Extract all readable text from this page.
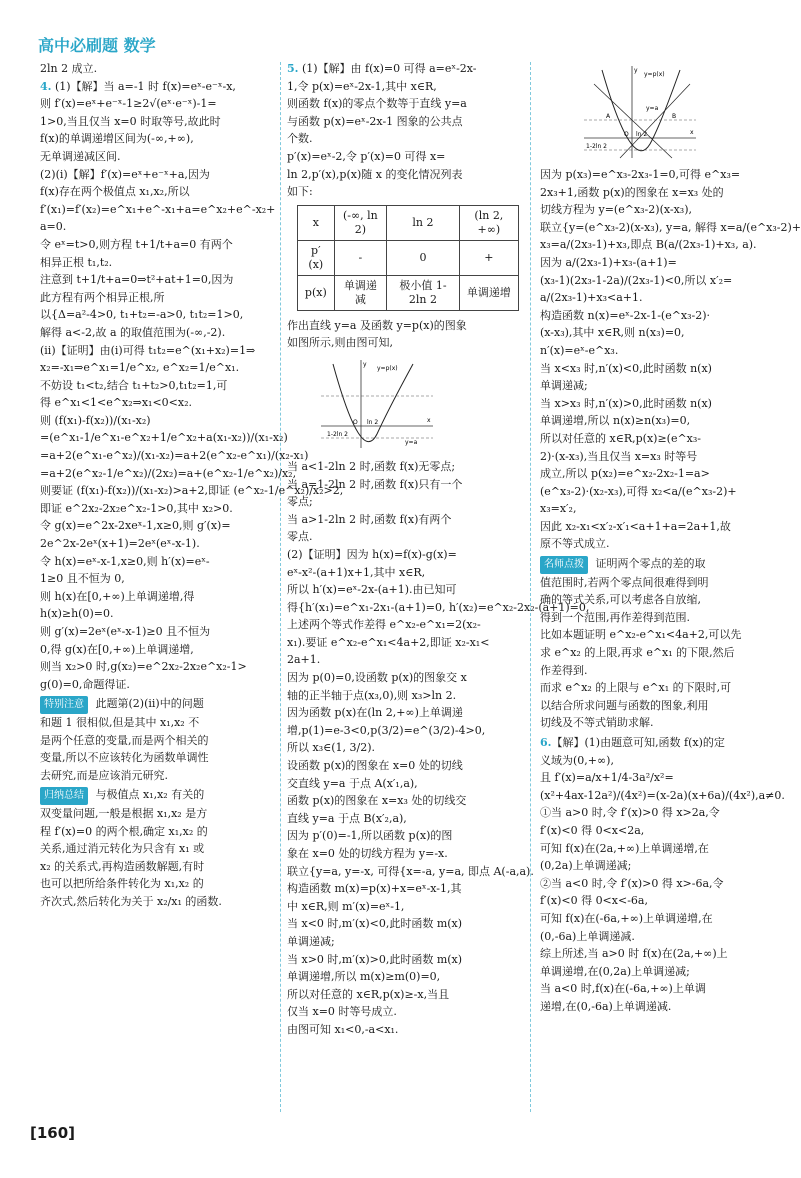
高中必刷题 数学
2ln 2 成立.
4. (1)【解】当 a=-1 时 f(x)=eˣ-e⁻ˣ-x,
则 f′(x)=eˣ+e⁻ˣ-1≥2√(eˣ·e⁻ˣ)-1=
1>0,当且仅当 x=0 时取等号,故此时
f(x)的单调递增区间为(-∞,+∞),
无单调递减区间.
(2)(i)【解】f′(x)=eˣ+e⁻ˣ+a,因为
f(x)存在两个极值点 x₁,x₂,所以
f′(x₁)=f′(x₂)=e^x₁+e^-x₁+a=e^x₂+e^-x₂+
a=0.
令 eˣ=t>0,则方程 t+1/t+a=0 有两个
相异正根 t₁,t₂.
注意到 t+1/t+a=0⇒t²+at+1=0,因为
此方程有两个相异正根,所
以{Δ=a²-4>0, t₁+t₂=-a>0, t₁t₂=1>0,
解得 a<-2,故 a 的取值范围为(-∞,-2).
(ii)【证明】由(i)可得 t₁t₂=e^(x₁+x₂)=1⇒
x₂=-x₁⇒e^x₁=1/e^x₂, e^x₂=1/e^x₁.
不妨设 t₁<t₂,结合 t₁+t₂>0,t₁t₂=1,可
得 e^x₁<1<e^x₂⇒x₁<0<x₂.
则 (f(x₁)-f(x₂))/(x₁-x₂)
=(e^x₁-1/e^x₁-e^x₂+1/e^x₂+a(x₁-x₂))/(x₁-x₂)
=a+2(e^x₁-e^x₂)/(x₁-x₂)=a+2(e^x₂-e^x₁)/(x₂-x₁)
=a+2(e^x₂-1/e^x₂)/(2x₂)=a+(e^x₂-1/e^x₂)/x₂,
则要证 (f(x₁)-f(x₂))/(x₁-x₂)>a+2,即证 (e^x₂-1/e^x₂)/x₂>2,
即证 e^2x₂-2x₂e^x₂-1>0,其中 x₂>0.
令 g(x)=e^2x-2xeˣ-1,x≥0,则 g′(x)=
2e^2x-2eˣ(x+1)=2eˣ(eˣ-x-1).
令 h(x)=eˣ-x-1,x≥0,则 h′(x)=eˣ-
1≥0 且不恒为 0,
则 h(x)在[0,+∞)上单调递增,得
h(x)≥h(0)=0.
则 g′(x)=2eˣ(eˣ-x-1)≥0 且不恒为
0,得 g(x)在[0,+∞)上单调递增,
则当 x₂>0 时,g(x₂)=e^2x₂-2x₂e^x₂-1>
g(0)=0,命题得证.
特别注意 此题第(2)(ii)中的问题
和题 1 很相似,但是其中 x₁,x₂ 不
是两个任意的变量,而是两个相关的
变量,所以不应该转化为函数单调性
去研究,而是应该消元研究.
归纳总结 与极值点 x₁,x₂ 有关的
双变量问题,一般是根据 x₁,x₂ 是方
程 f′(x)=0 的两个根,确定 x₁,x₂ 的
关系,通过消元转化为只含有 x₁ 或
x₂ 的关系式,再构造函数解题,有时
也可以把所给条件转化为 x₁,x₂ 的
齐次式,然后转化为关于 x₂/x₁ 的函数.
5. (1)【解】由 f(x)=0 可得 a=eˣ-2x-
1,令 p(x)=eˣ-2x-1,其中 x∈R,
则函数 f(x)的零点个数等于直线 y=a
与函数 p(x)=eˣ-2x-1 图象的公共点
个数.
p′(x)=eˣ-2,令 p′(x)=0 可得 x=
ln 2,p′(x),p(x)随 x 的变化情况列表
如下:
x	(-∞, ln 2)	ln 2	(ln 2, +∞)
p′(x)	-	0	+
p(x)	单调递减	极小值 1-2ln 2	单调递增
作出直线 y=a 及函数 y=p(x)的图象
如图所示,则由图可知,
y=p(x)
y=a
1-2ln 2
O ln 2	x
y
当 a<1-2ln 2 时,函数 f(x)无零点;
当 a=1-2ln 2 时,函数 f(x)只有一个
零点;
当 a>1-2ln 2 时,函数 f(x)有两个
零点.
(2)【证明】因为 h(x)=f(x)-g(x)=
eˣ-x²-(a+1)x+1,其中 x∈R,
所以 h′(x)=eˣ-2x-(a+1).由已知可
得{h′(x₁)=e^x₁-2x₁-(a+1)=0, h′(x₂)=e^x₂-2x₂-(a+1)=0,
上述两个等式作差得 e^x₂-e^x₁=2(x₂-
x₁).要证 e^x₂-e^x₁<4a+2,即证 x₂-x₁<
2a+1.
因为 p(0)=0,设函数 p(x)的图象交 x
轴的正半轴于点(x₃,0),则 x₃>ln 2.
因为函数 p(x)在(ln 2,+∞)上单调递
增,p(1)=e-3<0,p(3/2)=e^(3/2)-4>0,
所以 x₃∈(1, 3/2).
设函数 p(x)的图象在 x=0 处的切线
交直线 y=a 于点 A(x′₁,a),
函数 p(x)的图象在 x=x₃ 处的切线交
直线 y=a 于点 B(x′₂,a),
因为 p′(0)=-1,所以函数 p(x)的图
象在 x=0 处的切线方程为 y=-x.
联立{y=a, y=-x, 可得{x=-a, y=a, 即点 A(-a,a).
构造函数 m(x)=p(x)+x=eˣ-x-1,其
中 x∈R,则 m′(x)=eˣ-1,
当 x<0 时,m′(x)<0,此时函数 m(x)
单调递减;
当 x>0 时,m′(x)>0,此时函数 m(x)
单调递增,所以 m(x)≥m(0)=0,
所以对任意的 x∈R,p(x)≥-x,当且
仅当 x=0 时等号成立.
由图可知 x₁<0,-a<x₁.
y=p(x)
y=a
A	B
1-2ln 2
O ln 2	x
y
因为 p(x₃)=e^x₃-2x₃-1=0,可得 e^x₃=
2x₃+1,函数 p(x)的图象在 x=x₃ 处的
切线方程为 y=(e^x₃-2)(x-x₃),
联立{y=(e^x₃-2)(x-x₃), y=a, 解得 x=a/(e^x₃-2)+
x₃=a/(2x₃-1)+x₃,即点 B(a/(2x₃-1)+x₃, a).
因为 a/(2x₃-1)+x₃-(a+1)=
(x₃-1)(2x₃-1-2a)/(2x₃-1)<0,所以 x′₂=
a/(2x₃-1)+x₃<a+1.
构造函数 n(x)=eˣ-2x-1-(e^x₃-2)·
(x-x₃),其中 x∈R,则 n(x₃)=0,
n′(x)=eˣ-e^x₃.
当 x<x₃ 时,n′(x)<0,此时函数 n(x)
单调递减;
当 x>x₃ 时,n′(x)>0,此时函数 n(x)
单调递增,所以 n(x)≥n(x₃)=0,
所以对任意的 x∈R,p(x)≥(e^x₃-
2)·(x-x₃),当且仅当 x=x₃ 时等号
成立,所以 p(x₂)=e^x₂-2x₂-1=a>
(e^x₃-2)·(x₂-x₃),可得 x₂<a/(e^x₃-2)+
x₃=x′₂,
因此 x₂-x₁<x′₂-x′₁<a+1+a=2a+1,故
原不等式成立.
名师点拨 证明两个零点的差的取
值范围时,若两个零点间很难得到明
确的等式关系,可以考虑各自放缩,
得到一个范围,再作差得到范围.
比如本题证明 e^x₂-e^x₁<4a+2,可以先
求 e^x₂ 的上限,再求 e^x₁ 的下限,然后
作差得到.
而求 e^x₂ 的上限与 e^x₁ 的下限时,可
以结合所求问题与函数的图象,利用
切线及不等式销助求解.
6.【解】(1)由题意可知,函数 f(x)的定
义域为(0,+∞),
且 f′(x)=a/x+1/4-3a²/x²=
(x²+4ax-12a²)/(4x²)=(x-2a)(x+6a)/(4x²),a≠0.
①当 a>0 时,令 f′(x)>0 得 x>2a,令
f′(x)<0 得 0<x<2a,
可知 f(x)在(2a,+∞)上单调递增,在
(0,2a)上单调递减;
②当 a<0 时,令 f′(x)>0 得 x>-6a,令
f′(x)<0 得 0<x<-6a,
可知 f(x)在(-6a,+∞)上单调递增,在
(0,-6a)上单调递减.
综上所述,当 a>0 时 f(x)在(2a,+∞)上
单调递增,在(0,2a)上单调递减;
当 a<0 时,f(x)在(-6a,+∞)上单调
递增,在(0,-6a)上单调递减.
[160]
